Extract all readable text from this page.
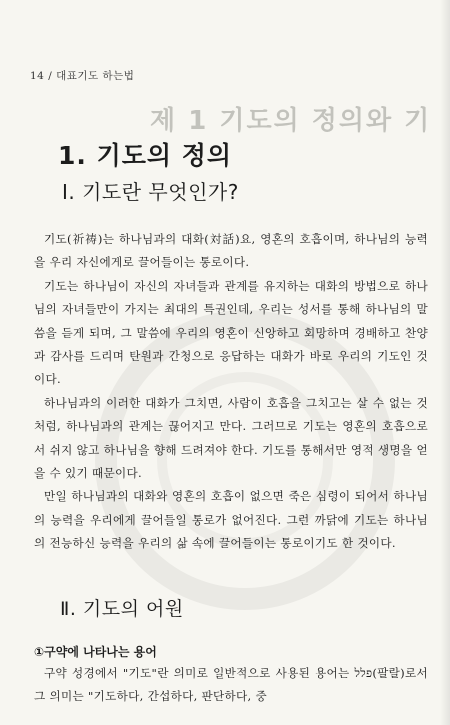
14 / 대표기도 하는법
제 1 기도의 정의와 기
1. 기도의 정의
Ⅰ. 기도란 무엇인가?

기도(祈祷)는 하나님과의 대화(対話)요, 영혼의 호흡이며, 하나님의 능력을 우리 자신에게로 끌어들이는 통로이다.

기도는 하나님이 자신의 자녀들과 관계를 유지하는 대화의 방법으로 하나님의 자녀들만이 가지는 최대의 특권인데, 우리는 성서를 통해 하나님의 말씀을 듣게 되며, 그 말씀에 우리의 영혼이 신앙하고 회망하며 경배하고 찬양과 감사를 드리며 탄원과 간청으로 응답하는 대화가 바로 우리의 기도인 것이다.

하나님과의 이러한 대화가 그치면, 사람이 호흡을 그치고는 살 수 없는 것처럼, 하나님과의 관계는 끊어지고 만다. 그러므로 기도는 영혼의 호흡으로서 쉬지 않고 하나님을 향해 드려져야 한다. 기도를 통해서만 영적 생명을 얻을 수 있기 때문이다.

만일 하나님과의 대화와 영혼의 호흡이 없으면 죽은 심령이 되어서 하나님의 능력을 우리에게 끌어들일 통로가 없어진다. 그런 까닭에 기도는 하나님의 전능하신 능력을 우리의 삶 속에 끌어들이는 통로이기도 한 것이다.

Ⅱ. 기도의 어원
①구약에 나타나는 용어

구약 성경에서 "기도"란 의미로 일반적으로 사용된 용어는 פלל(팔랄)로서 그 의미는 "기도하다, 간섭하다, 판단하다, 중
